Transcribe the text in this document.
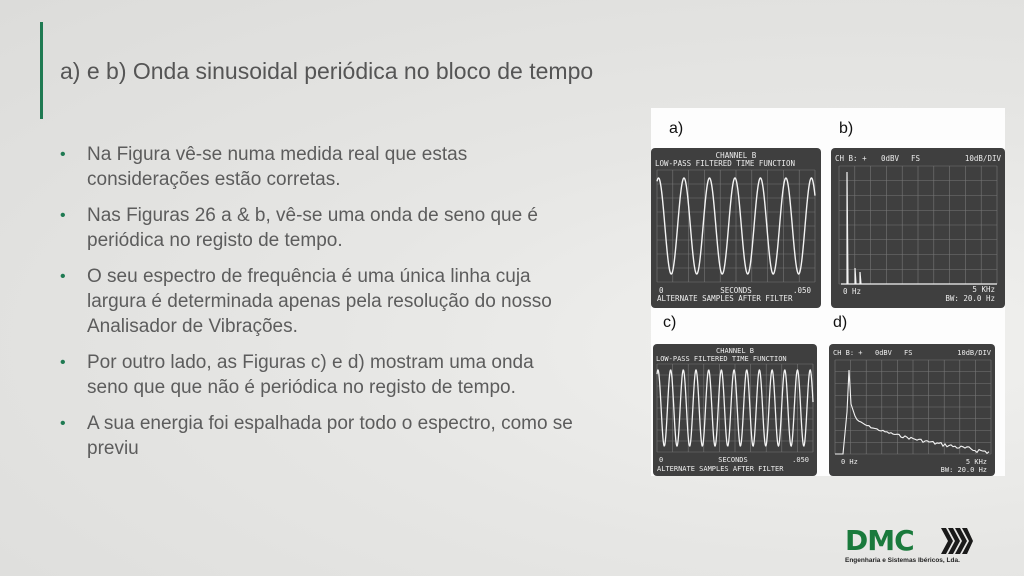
a) e b) Onda sinusoidal periódica no bloco de tempo
• Na Figura vê-se numa medida real que estas considerações estão corretas.
• Nas Figuras 26 a & b, vê-se uma onda de seno que é periódica no registo de tempo.
• O seu espectro de frequência é uma única linha cuja largura é determinada apenas pela resolução do nosso Analisador de Vibrações.
• Por outro lado, as Figuras c) e d) mostram uma onda seno que que não é periódica no registo de tempo.
• A sua energia foi espalhada por todo o espectro, como se previu
a)	b)
c)	d)
CHANNEL B
LOW-PASS FILTERED TIME FUNCTION
0	SECONDS	.050
ALTERNATE SAMPLES AFTER FILTER
CH B: + 0dBV FS	10dB/DIV
0 Hz	5 KHz
BW: 20.0 Hz
CHANNEL B
LOW-PASS FILTERED TIME FUNCTION
0	SECONDS	.050
ALTERNATE SAMPLES AFTER FILTER
CH B: + 0dBV FS	10dB/DIV
0 Hz	5 KHz
BW: 20.0 Hz
DMC
Engenharia e Sistemas Ibéricos, Lda.
